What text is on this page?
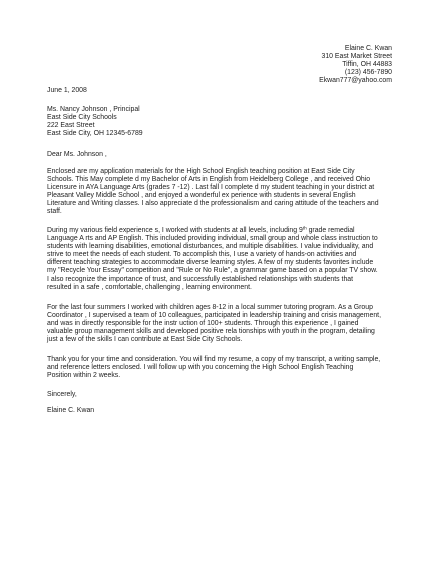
Elaine C. Kwan
310 East Market Street
Tiffin, OH 44883
(123) 456-7890
Ekwan777@yahoo.com
June 1, 2008
Ms. Nancy Johnson , Principal
East Side City Schools
222 East Street
East Side City, OH 12345-6789
Dear Ms. Johnson ,
Enclosed are my application materials for the High School English teaching position at East Side City
Schools. This May complete d my Bachelor of Arts in English from Heidelberg College , and received Ohio
Licensure in AYA Language Arts (grades 7 -12) . Last fall I complete d my student teaching in your district at
Pleasant Valley Middle School , and enjoyed a wonderful ex perience with students in several English
Literature and Writing classes. I also appreciate d the professionalism and caring attitude of the teachers and
staff.
During my various field experience s, I worked with students at all levels, including 9th grade remedial
Language A rts and AP English. This included providing individual, small group and whole class instruction to
students with learning disabilities, emotional disturbances, and multiple disabilities. I value individuality, and
strive to meet the needs of each student. To accomplish this, I use a variety of hands-on activities and
different teaching strategies to accommodate diverse learning styles. A few of my students favorites include
my "Recycle Your Essay" competition and "Rule or No Rule", a grammar game based on a popular TV show.
I also recognize the importance of trust, and successfully established relationships with students that
resulted in a safe , comfortable, challenging , learning environment.
For the last four summers I worked with children ages 8-12 in a local summer tutoring program. As a Group
Coordinator , I supervised a team of 10 colleagues, participated in leadership training and crisis management,
and was in directly responsible for the instr uction of 100+ students. Through this experience , I gained
valuable group management skills and developed positive rela tionships with youth in the program, detailing
just a few of the skills I can contribute at East Side City Schools.
Thank you for your time and consideration. You will find my resume, a copy of my transcript, a writing sample,
and reference letters enclosed. I will follow up with you concerning the High School English Teaching
Position within 2 weeks.
Sincerely,
Elaine C. Kwan
